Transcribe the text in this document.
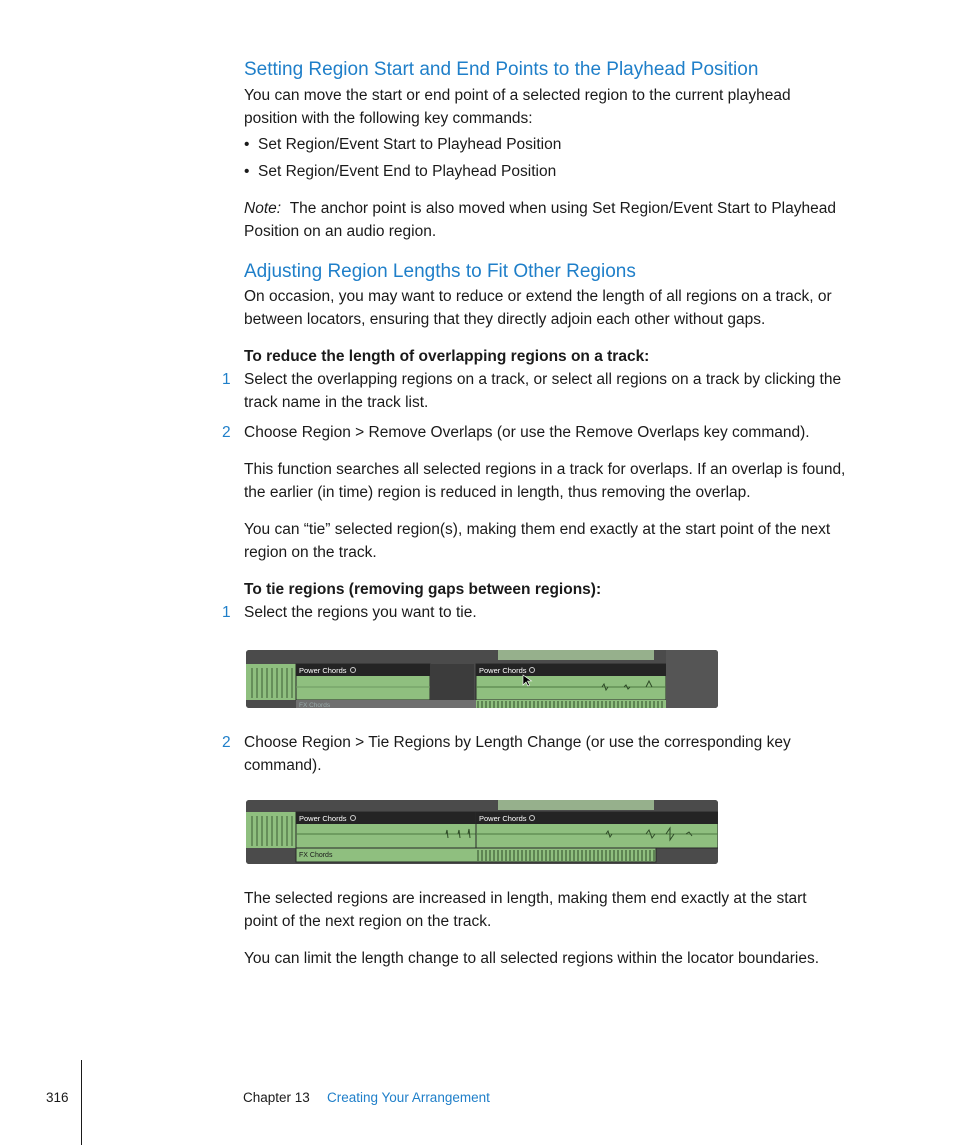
Setting Region Start and End Points to the Playhead Position

You can move the start or end point of a selected region to the current playhead

position with the following key commands:

•  Set Region/Event Start to Playhead Position
•  Set Region/Event End to Playhead Position

Note: The anchor point is also moved when using Set Region/Event Start to Playhead

Position on an audio region.

Adjusting Region Lengths to Fit Other Regions

On occasion, you may want to reduce or extend the length of all regions on a track, or

between locators, ensuring that they directly adjoin each other without gaps.

To reduce the length of overlapping regions on a track:

1 Select the overlapping regions on a track, or select all regions on a track by clicking the

track name in the track list.

2 Choose Region > Remove Overlaps (or use the Remove Overlaps key command).

This function searches all selected regions in a track for overlaps. If an overlap is found,

the earlier (in time) region is reduced in length, thus removing the overlap.

You can “tie” selected region(s), making them end exactly at the start point of the next

region on the track.

To tie regions (removing gaps between regions):

1 Select the regions you want to tie.

Power Chords	Power Chords
FX Chords
2 Choose Region > Tie Regions by Length Change (or use the corresponding key

command).

Power Chords	Power Chords
FX Chords

The selected regions are increased in length, making them end exactly at the start

point of the next region on the track.

You can limit the length change to all selected regions within the locator boundaries.

316	Chapter 13 Creating Your Arrangement
